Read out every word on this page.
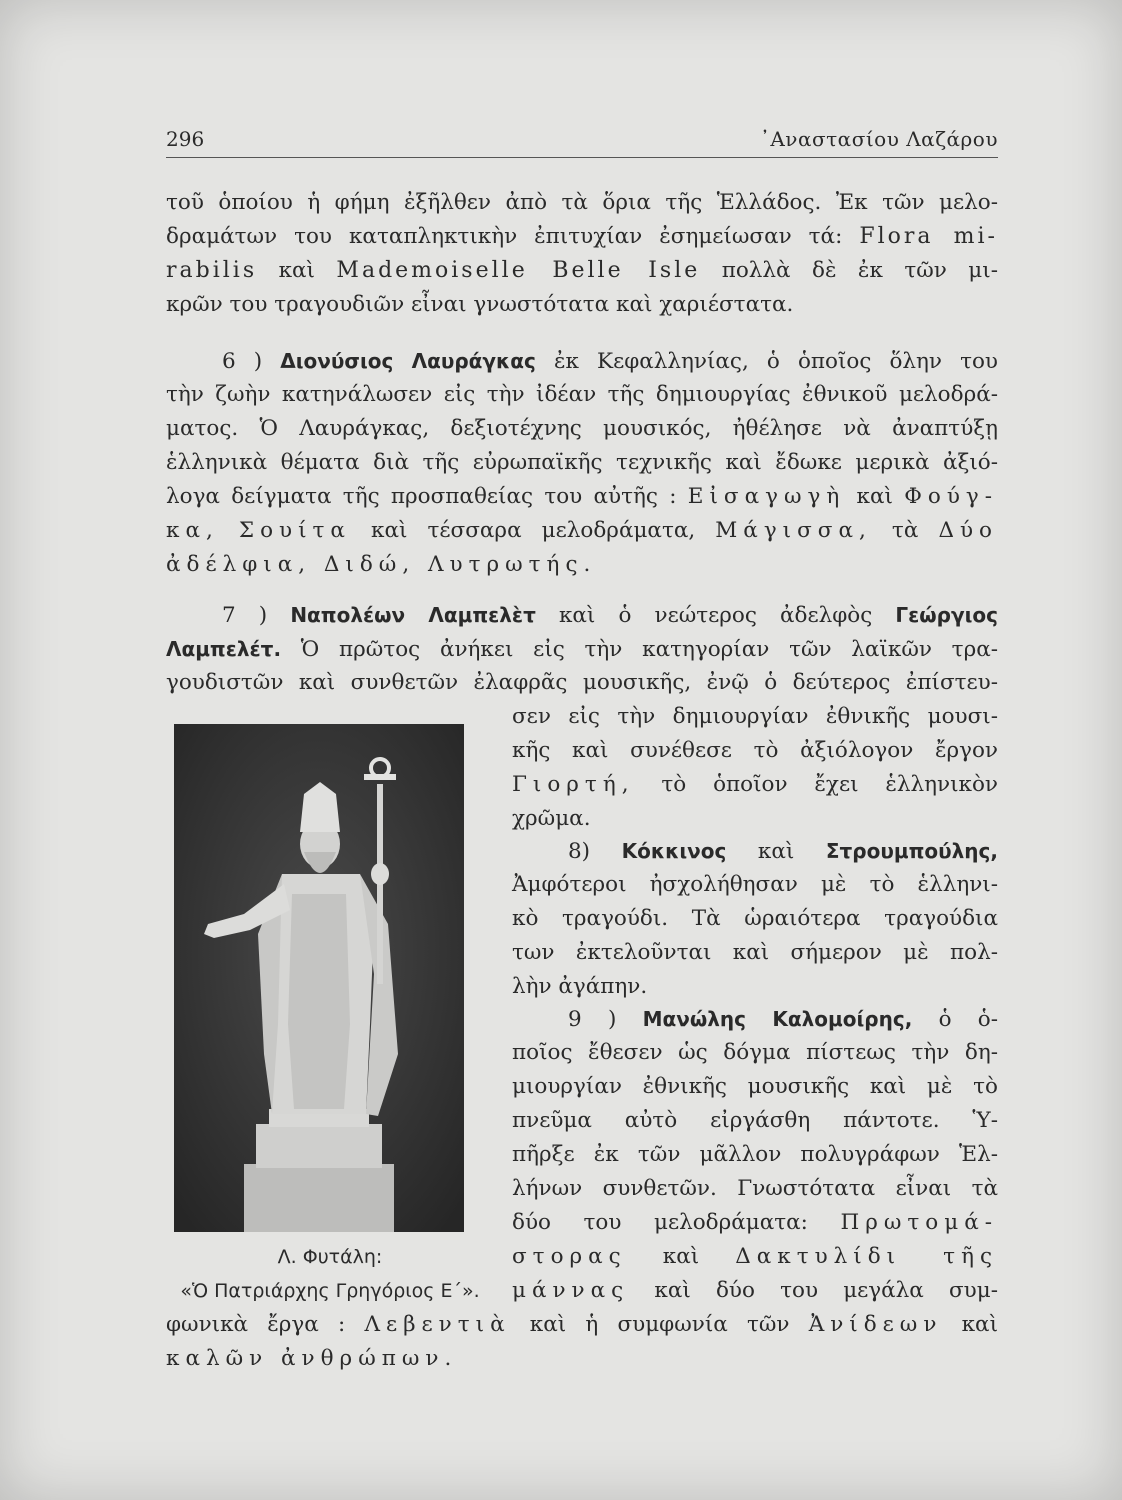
296	᾿Αναστασίου Λαζάρου
τοῦ ὁποίου ἡ φήμη ἐξῆλθεν ἀπὸ τὰ ὅρια τῆς Ἑλλάδος. Ἐκ τῶν μελο-
δραμάτων του καταπληκτικὴν ἐπιτυχίαν ἐσημείωσαν τά: Flora mi-
rabilis καὶ Mademoiselle Belle Isle πολλὰ δὲ ἐκ τῶν μι-
κρῶν του τραγουδιῶν εἶναι γνωστότατα καὶ χαριέστατα.
6 ) Διονύσιος Λαυράγκας ἐκ Κεφαλληνίας, ὁ ὁποῖος ὅλην του
τὴν ζωὴν κατηνάλωσεν εἰς τὴν ἰδέαν τῆς δημιουργίας ἐθνικοῦ μελοδρά-
ματος. Ὁ Λαυράγκας, δεξιοτέχνης μουσικός, ἠθέλησε νὰ ἀναπτύξῃ
ἑλληνικὰ θέματα διὰ τῆς εὐρωπαϊκῆς τεχνικῆς καὶ ἔδωκε μερικὰ ἀξιό-
λογα δείγματα τῆς προσπαθείας του αὐτῆς : Εἰσαγωγὴ καὶ Φούγ-
κα, Σουίτα καὶ τέσσαρα μελοδράματα, Μάγισσα, τὰ Δύο
ἀδέλφια, Διδώ, Λυτρωτής.
7 ) Ναπολέων Λαμπελὲτ καὶ ὁ νεώτερος ἀδελφὸς Γεώργιος
Λαμπελέτ. Ὁ πρῶτος ἀνήκει εἰς τὴν κατηγορίαν τῶν λαϊκῶν τρα-
γουδιστῶν καὶ συνθετῶν ἐλαφρᾶς μουσικῆς, ἐνῷ ὁ δεύτερος ἐπίστευ-
σεν εἰς τὴν δημιουργίαν ἐθνικῆς μουσι-
κῆς καὶ συνέθεσε τὸ ἀξιόλογον ἔργον
Γιορτή, τὸ ὁποῖον ἔχει ἑλληνικὸν
χρῶμα.
8) Κόκκινος καὶ Στρουμπούλης,
Ἀμφότεροι ἠσχολήθησαν μὲ τὸ ἑλληνι-
κὸ τραγούδι. Τὰ ὡραιότερα τραγούδια
των ἐκτελοῦνται καὶ σήμερον μὲ πολ-
λὴν ἀγάπην.
9 ) Μανώλης Καλομοίρης, ὁ ὁ-
ποῖος ἔθεσεν ὡς δόγμα πίστεως τὴν δη-
μιουργίαν ἐθνικῆς μουσικῆς καὶ μὲ τὸ
πνεῦμα αὐτὸ εἰργάσθη πάντοτε. Ὑ-
πῆρξε ἐκ τῶν μᾶλλον πολυγράφων Ἑλ-
λήνων συνθετῶν. Γνωστότατα εἶναι τὰ
δύο του μελοδράματα: Πρωτομά-
στορας καὶ Δακτυλίδι τῆς
μάννας καὶ δύο του μεγάλα συμ-
φωνικὰ ἔργα : Λεβεντιὰ καὶ ἡ συμφωνία τῶν Ἀνίδεων καὶ
καλῶν ἀνθρώπων.
Λ. Φυτάλη:
«Ὁ Πατριάρχης Γρηγόριος Ε΄».
